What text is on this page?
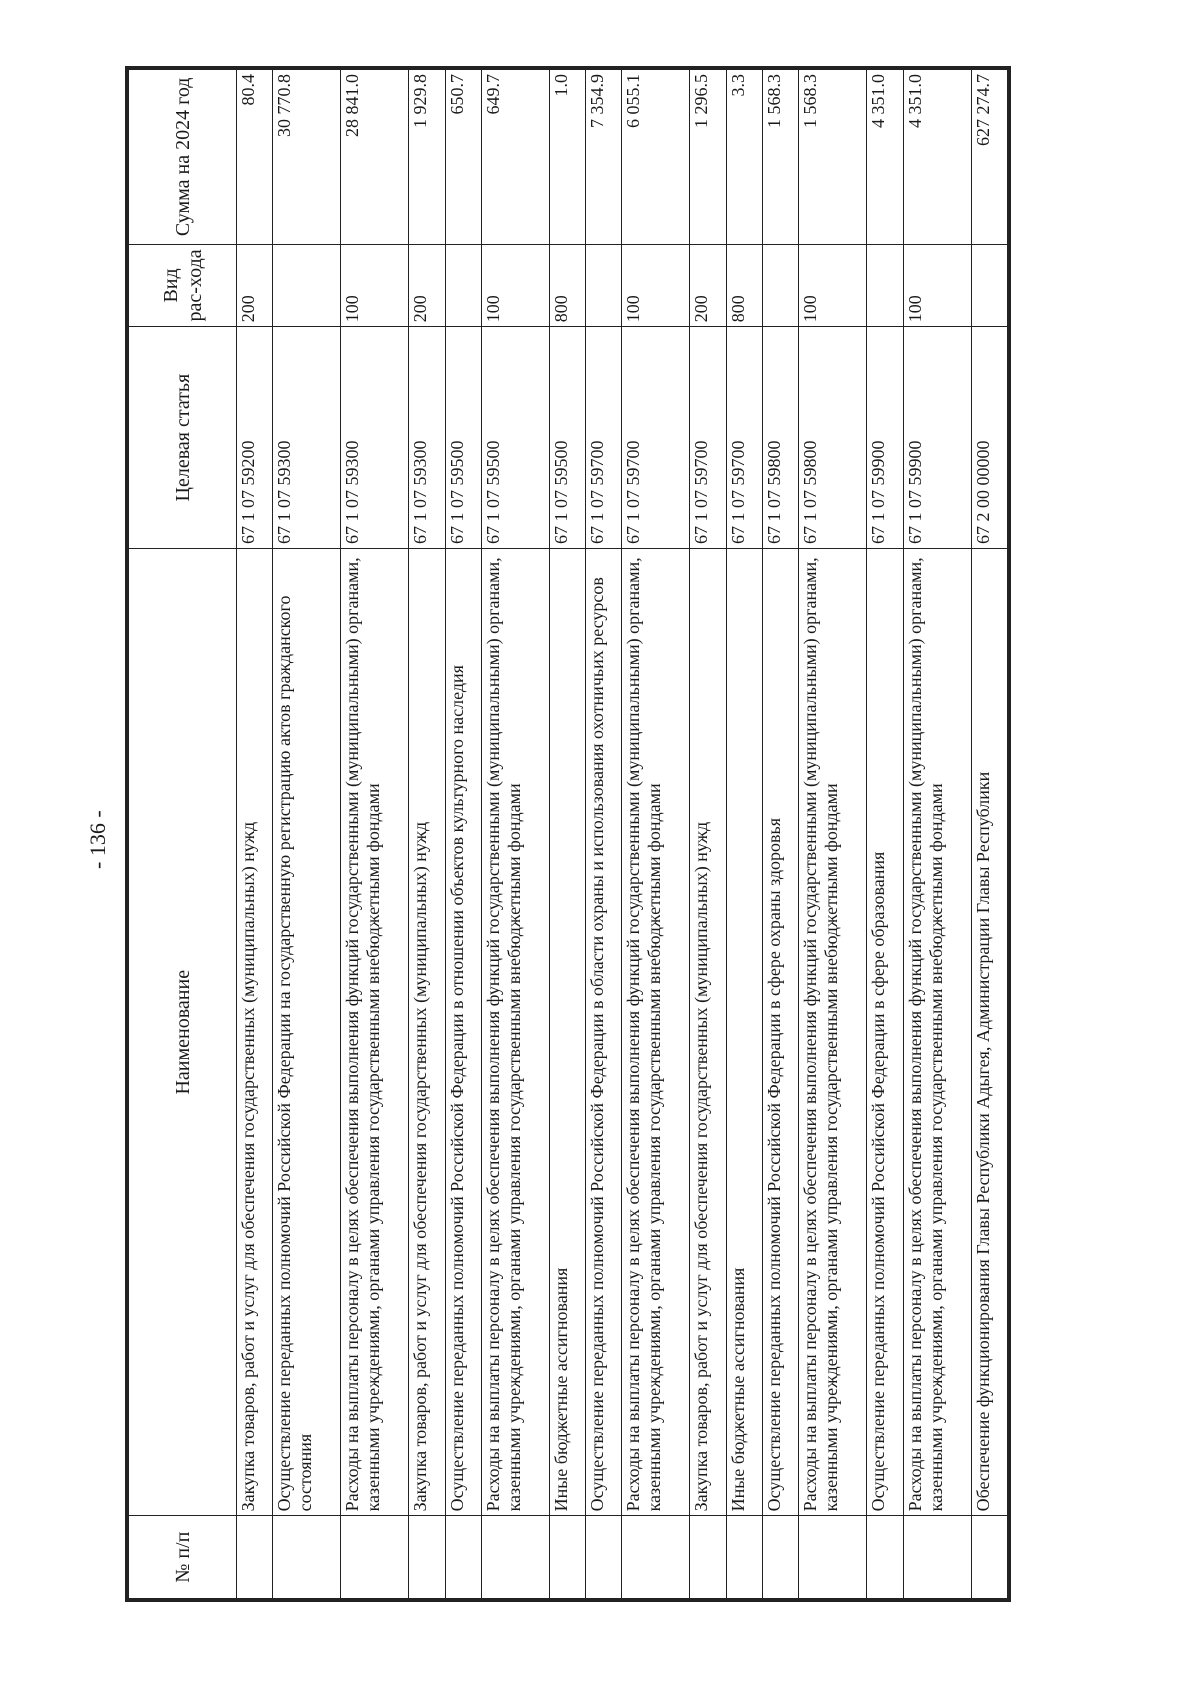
- 136 -
№ п/п	Наименование	Целевая статья	Вид рас-хода	Сумма на 2024 год
	Закупка товаров, работ и услуг для обеспечения государственных (муниципальных) нужд	67 1 07 59200	200	80.4
	Осуществление переданных полномочий Российской Федерации на государственную регистрацию актов гражданского состояния	67 1 07 59300		30 770.8
	Расходы на выплаты персоналу в целях обеспечения выполнения функций государственными (муниципальными) органами, казенными учреждениями, органами управления государственными внебюджетными фондами	67 1 07 59300	100	28 841.0
	Закупка товаров, работ и услуг для обеспечения государственных (муниципальных) нужд	67 1 07 59300	200	1 929.8
	Осуществление переданных полномочий Российской Федерации в отношении объектов культурного наследия	67 1 07 59500		650.7
	Расходы на выплаты персоналу в целях обеспечения выполнения функций государственными (муниципальными) органами, казенными учреждениями, органами управления государственными внебюджетными фондами	67 1 07 59500	100	649.7
	Иные бюджетные ассигнования	67 1 07 59500	800	1.0
	Осуществление переданных полномочий Российской Федерации в области охраны и использования охотничьих ресурсов	67 1 07 59700		7 354.9
	Расходы на выплаты персоналу в целях обеспечения выполнения функций государственными (муниципальными) органами, казенными учреждениями, органами управления государственными внебюджетными фондами	67 1 07 59700	100	6 055.1
	Закупка товаров, работ и услуг для обеспечения государственных (муниципальных) нужд	67 1 07 59700	200	1 296.5
	Иные бюджетные ассигнования	67 1 07 59700	800	3.3
	Осуществление переданных полномочий Российской Федерации в сфере охраны здоровья	67 1 07 59800		1 568.3
	Расходы на выплаты персоналу в целях обеспечения выполнения функций государственными (муниципальными) органами, казенными учреждениями, органами управления государственными внебюджетными фондами	67 1 07 59800	100	1 568.3
	Осуществление переданных полномочий Российской Федерации в сфере образования	67 1 07 59900		4 351.0
	Расходы на выплаты персоналу в целях обеспечения выполнения функций государственными (муниципальными) органами, казенными учреждениями, органами управления государственными внебюджетными фондами	67 1 07 59900	100	4 351.0
	Обеспечение функционирования Главы Республики Адыгея, Администрации Главы Республики	67 2 00 00000		627 274.7
